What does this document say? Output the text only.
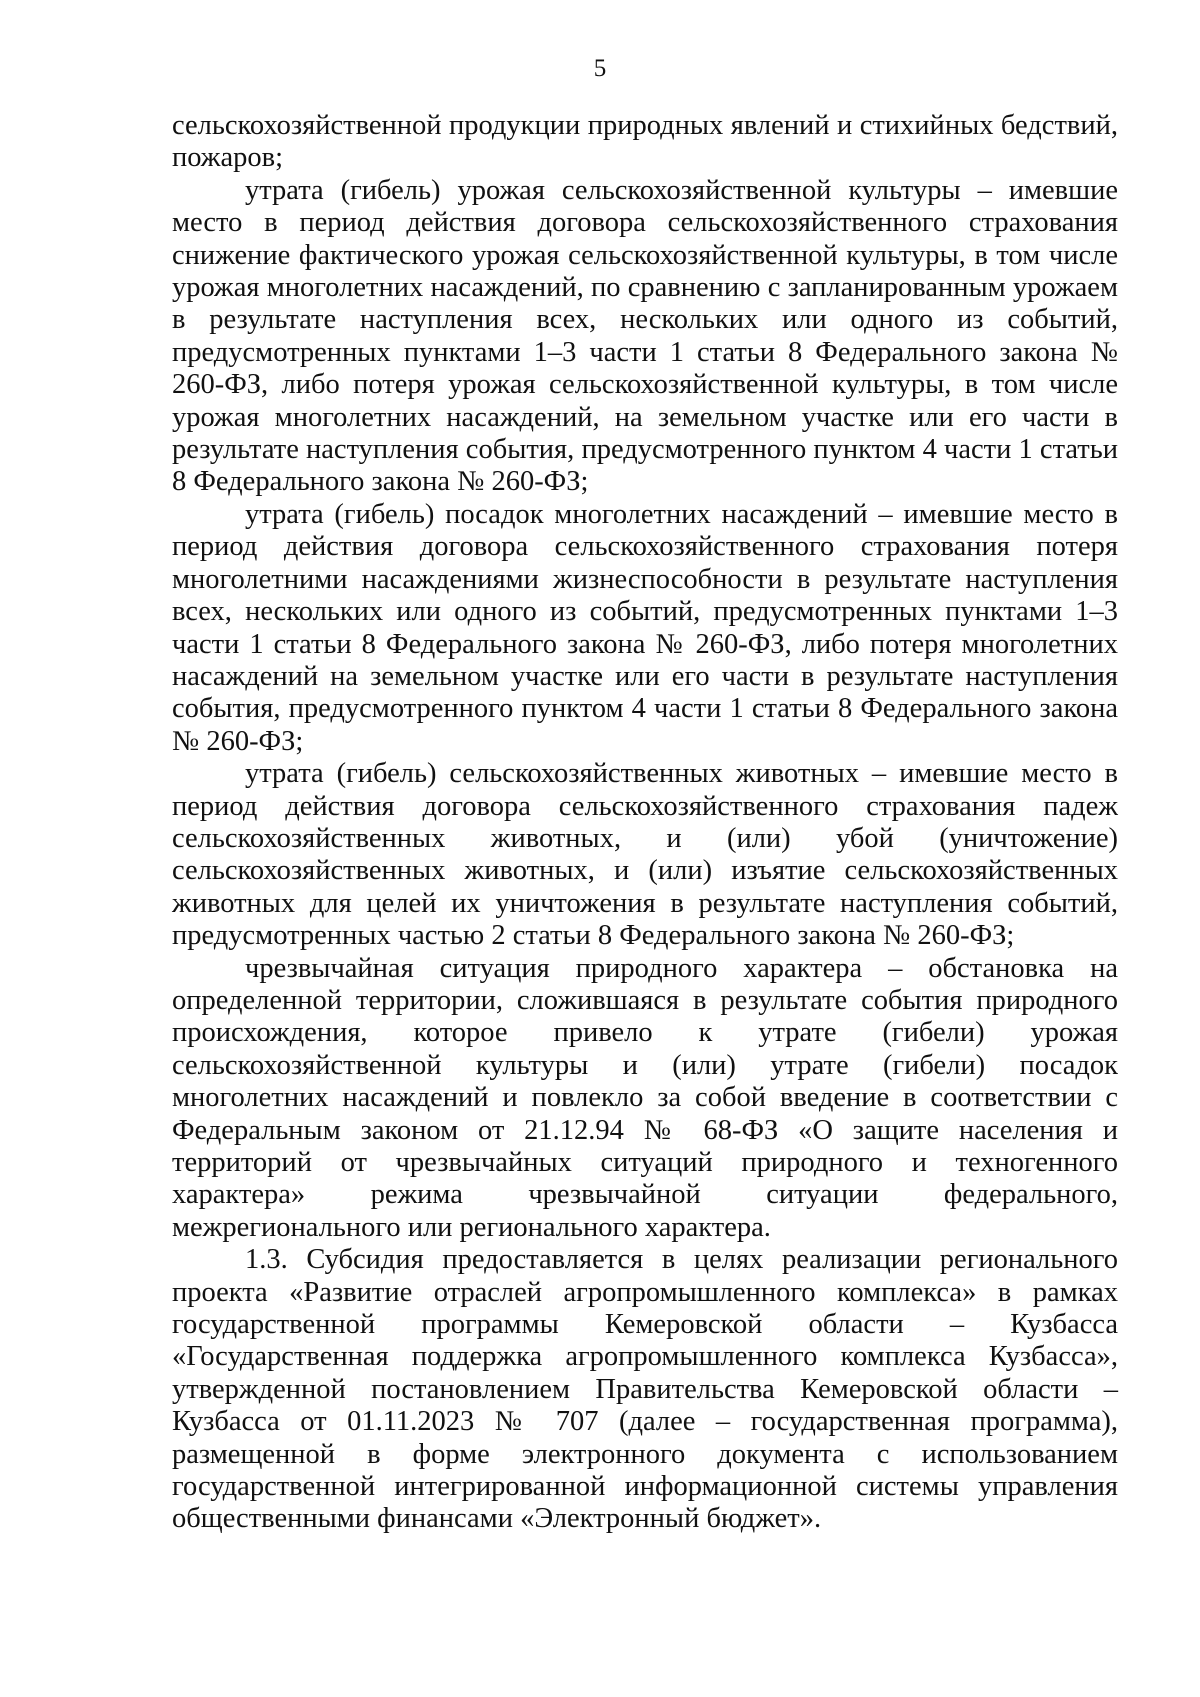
5

сельскохозяйственной продукции природных явлений и стихийных бедствий, пожаров;

утрата (гибель) урожая сельскохозяйственной культуры – имевшие место в период действия договора сельскохозяйственного страхования снижение фактического урожая сельскохозяйственной культуры, в том числе урожая многолетних насаждений, по сравнению с запланированным урожаем в результате наступления всех, нескольких или одного из событий, предусмотренных пунктами 1–3 части 1 статьи 8 Федерального закона № 260-ФЗ, либо потеря урожая сельскохозяйственной культуры, в том числе урожая многолетних насаждений, на земельном участке или его части в результате наступления события, предусмотренного пунктом 4 части 1 статьи 8 Федерального закона № 260-ФЗ;

утрата (гибель) посадок многолетних насаждений – имевшие место в период действия договора сельскохозяйственного страхования потеря многолетними насаждениями жизнеспособности в результате наступления всех, нескольких или одного из событий, предусмотренных пунктами 1–3 части 1 статьи 8 Федерального закона № 260-ФЗ, либо потеря многолетних насаждений на земельном участке или его части в результате наступления события, предусмотренного пунктом 4 части 1 статьи 8 Федерального закона № 260-ФЗ;

утрата (гибель) сельскохозяйственных животных – имевшие место в период действия договора сельскохозяйственного страхования падеж сельскохозяйственных животных, и (или) убой (уничтожение) сельскохозяйственных животных, и (или) изъятие сельскохозяйственных животных для целей их уничтожения в результате наступления событий, предусмотренных частью 2 статьи 8 Федерального закона № 260-ФЗ;

чрезвычайная ситуация природного характера – обстановка на определенной территории, сложившаяся в результате события природного происхождения, которое привело к утрате (гибели) урожая сельскохозяйственной культуры и (или) утрате (гибели) посадок многолетних насаждений и повлекло за собой введение в соответствии с Федеральным законом от 21.12.94 № 68-ФЗ «О защите населения и территорий от чрезвычайных ситуаций природного и техногенного характера» режима чрезвычайной ситуации федерального, межрегионального или регионального характера.

1.3. Субсидия предоставляется в целях реализации регионального проекта «Развитие отраслей агропромышленного комплекса» в рамках государственной программы Кемеровской области – Кузбасса «Государственная поддержка агропромышленного комплекса Кузбасса», утвержденной постановлением Правительства Кемеровской области – Кузбасса от 01.11.2023 № 707 (далее – государственная программа), размещенной в форме электронного документа с использованием государственной интегрированной информационной системы управления общественными финансами «Электронный бюджет».
